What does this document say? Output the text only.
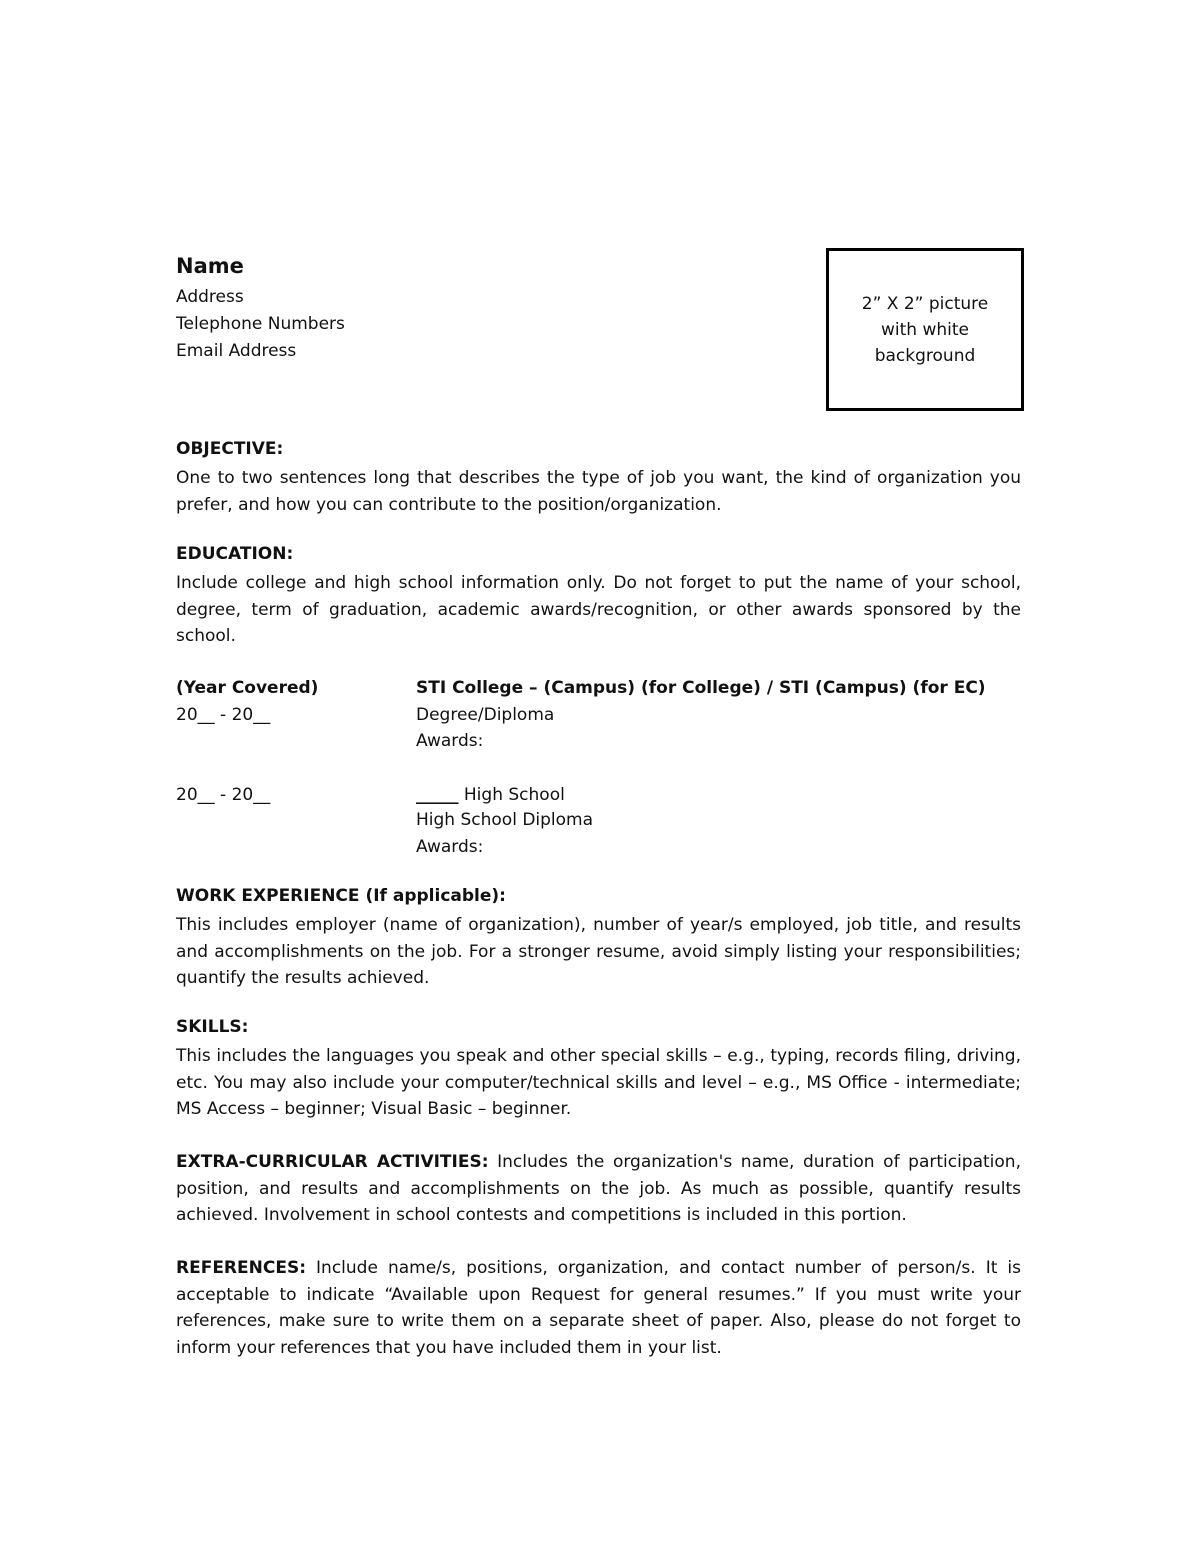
Name
Address
Telephone Numbers
Email Address
2” X 2” picture with white background
OBJECTIVE:
One to two sentences long that describes the type of job you want, the kind of organization you prefer, and how you can contribute to the position/organization.
EDUCATION:
Include college and high school information only. Do not forget to put the name of your school, degree, term of graduation, academic awards/recognition, or other awards sponsored by the school.
(Year Covered)	STI College – (Campus) (for College) / STI (Campus) (for EC)
20__ - 20__	Degree/Diploma
Awards:
20__ - 20__	_____ High School
High School Diploma
Awards:
WORK EXPERIENCE (If applicable):
This includes employer (name of organization), number of year/s employed, job title, and results and accomplishments on the job. For a stronger resume, avoid simply listing your responsibilities; quantify the results achieved.
SKILLS:
This includes the languages you speak and other special skills – e.g., typing, records filing, driving, etc. You may also include your computer/technical skills and level – e.g., MS Office - intermediate; MS Access – beginner; Visual Basic – beginner.
EXTRA-CURRICULAR ACTIVITIES: Includes the organization's name, duration of participation, position, and results and accomplishments on the job. As much as possible, quantify results achieved. Involvement in school contests and competitions is included in this portion.
REFERENCES: Include name/s, positions, organization, and contact number of person/s. It is acceptable to indicate “Available upon Request for general resumes.” If you must write your references, make sure to write them on a separate sheet of paper. Also, please do not forget to inform your references that you have included them in your list.
